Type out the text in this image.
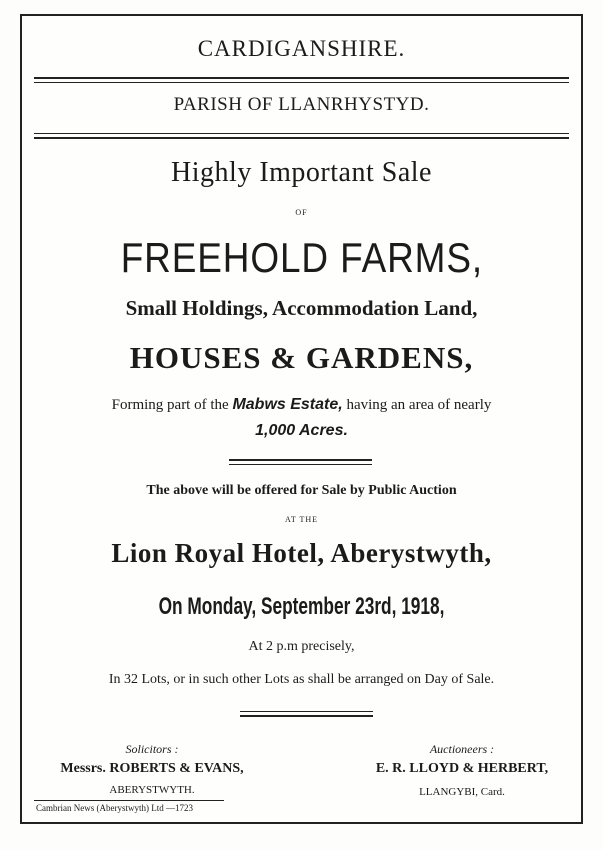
CARDIGANSHIRE.
PARISH OF LLANRHYSTYD.
Highly Important Sale
OF
FREEHOLD FARMS,
Small Holdings, Accommodation Land,
HOUSES & GARDENS,
Forming part of the Mabws Estate, having an area of nearly
1,000 Acres.
The above will be offered for Sale by Public Auction
AT THE
Lion Royal Hotel, Aberystwyth,
On Monday, September 23rd, 1918,
At 2 p.m precisely,
In 32 Lots, or in such other Lots as shall be arranged on Day of Sale.
Solicitors :
Messrs. ROBERTS & EVANS,
ABERYSTWYTH.
Auctioneers :
E. R. LLOYD & HERBERT,
LLANGYBI, Card.
Cambrian News (Aberystwyth) Ltd —1723
